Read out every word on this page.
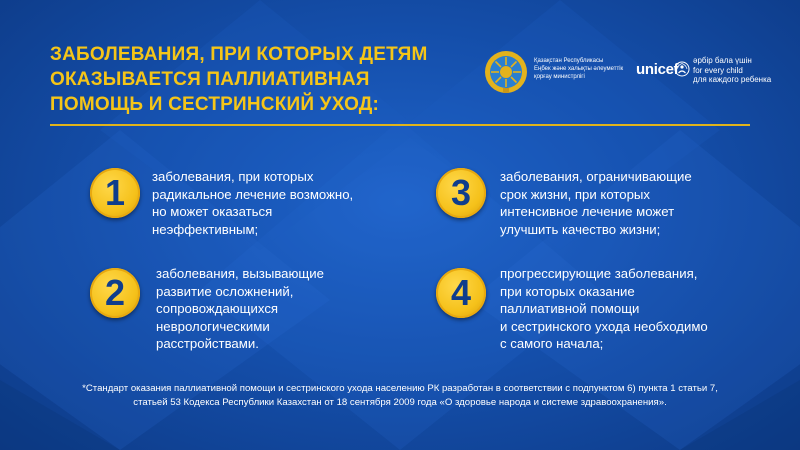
ЗАБОЛЕВАНИЯ, ПРИ КОТОРЫХ ДЕТЯМ
ОКАЗЫВАЕТСЯ ПАЛЛИАТИВНАЯ
ПОМОЩЬ И СЕСТРИНСКИЙ УХОД:
Қазақстан Республикасы
Еңбек және халықты әлеуметтік
қорғау министрлігі	unicef
әрбір бала үшін
for every child
для каждого ребенка
1 заболевания, при которых
радикальное лечение возможно,
но может оказаться
неэффективным;
2 заболевания, вызывающие
развитие осложнений,
сопровождающихся
неврологическими
расстройствами.
3 заболевания, ограничивающие
срок жизни, при которых
интенсивное лечение может
улучшить качество жизни;
4 прогрессирующие заболевания,
при которых оказание
паллиативной помощи
и сестринского ухода необходимо
с самого начала;
*Стандарт оказания паллиативной помощи и сестринского ухода населению РК разработан в соответствии с подпунктом 6) пункта 1 статьи 7,
статьей 53 Кодекса Республики Казахстан от 18 сентября 2009 года «О здоровье народа и системе здравоохранения».
